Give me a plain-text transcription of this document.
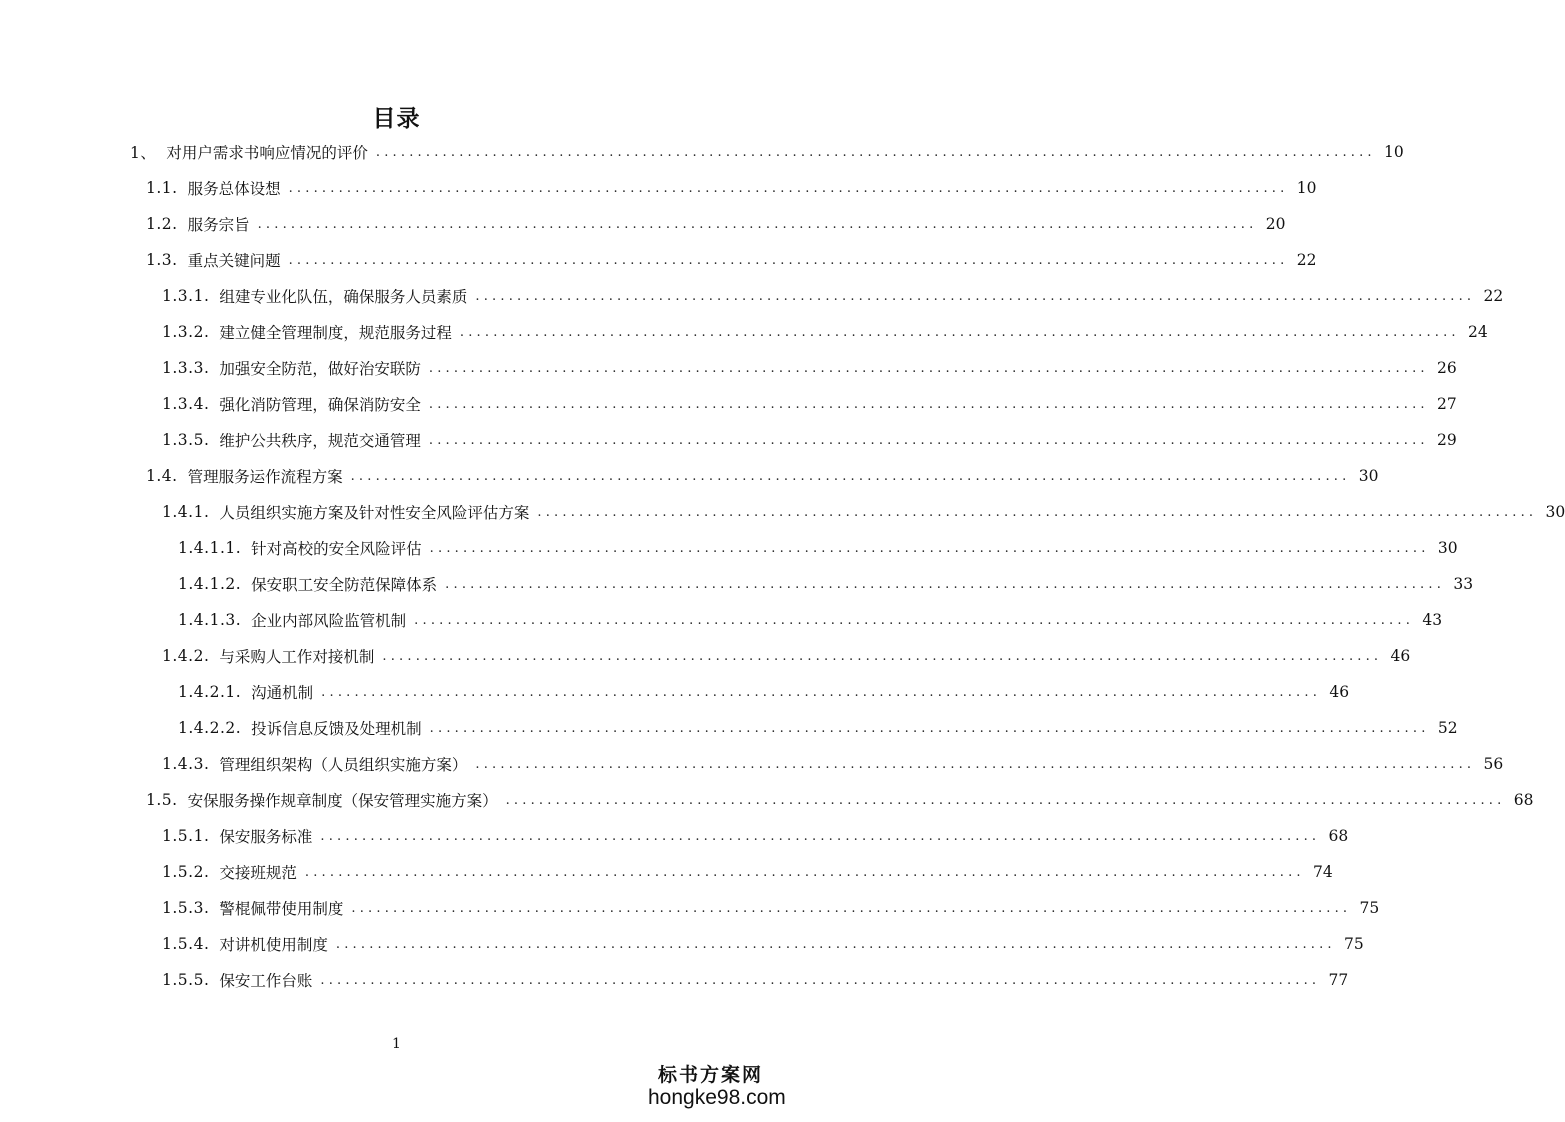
目录
1、 对用户需求书响应情况的评价 ........................................................................................................................ 10
1.1. 服务总体设想 ........................................................................................................................ 10
1.2. 服务宗旨 ........................................................................................................................ 20
1.3. 重点关键问题 ........................................................................................................................ 22
1.3.1. 组建专业化队伍，确保服务人员素质 ........................................................................................................................ 22
1.3.2. 建立健全管理制度，规范服务过程 ........................................................................................................................ 24
1.3.3. 加强安全防范，做好治安联防 ........................................................................................................................ 26
1.3.4. 强化消防管理，确保消防安全 ........................................................................................................................ 27
1.3.5. 维护公共秩序，规范交通管理 ........................................................................................................................ 29
1.4. 管理服务运作流程方案 ........................................................................................................................ 30
1.4.1. 人员组织实施方案及针对性安全风险评估方案 ........................................................................................................................ 30
1.4.1.1. 针对高校的安全风险评估 ........................................................................................................................ 30
1.4.1.2. 保安职工安全防范保障体系 ........................................................................................................................ 33
1.4.1.3. 企业内部风险监管机制 ........................................................................................................................ 43
1.4.2. 与采购人工作对接机制 ........................................................................................................................ 46
1.4.2.1. 沟通机制 ........................................................................................................................ 46
1.4.2.2. 投诉信息反馈及处理机制 ........................................................................................................................ 52
1.4.3. 管理组织架构（人员组织实施方案） ........................................................................................................................ 56
1.5. 安保服务操作规章制度（保安管理实施方案） ........................................................................................................................ 68
1.5.1. 保安服务标准 ........................................................................................................................ 68
1.5.2. 交接班规范 ........................................................................................................................ 74
1.5.3. 警棍佩带使用制度 ........................................................................................................................ 75
1.5.4. 对讲机使用制度 ........................................................................................................................ 75
1.5.5. 保安工作台账 ........................................................................................................................ 77
1
标书方案网
hongke98.com
